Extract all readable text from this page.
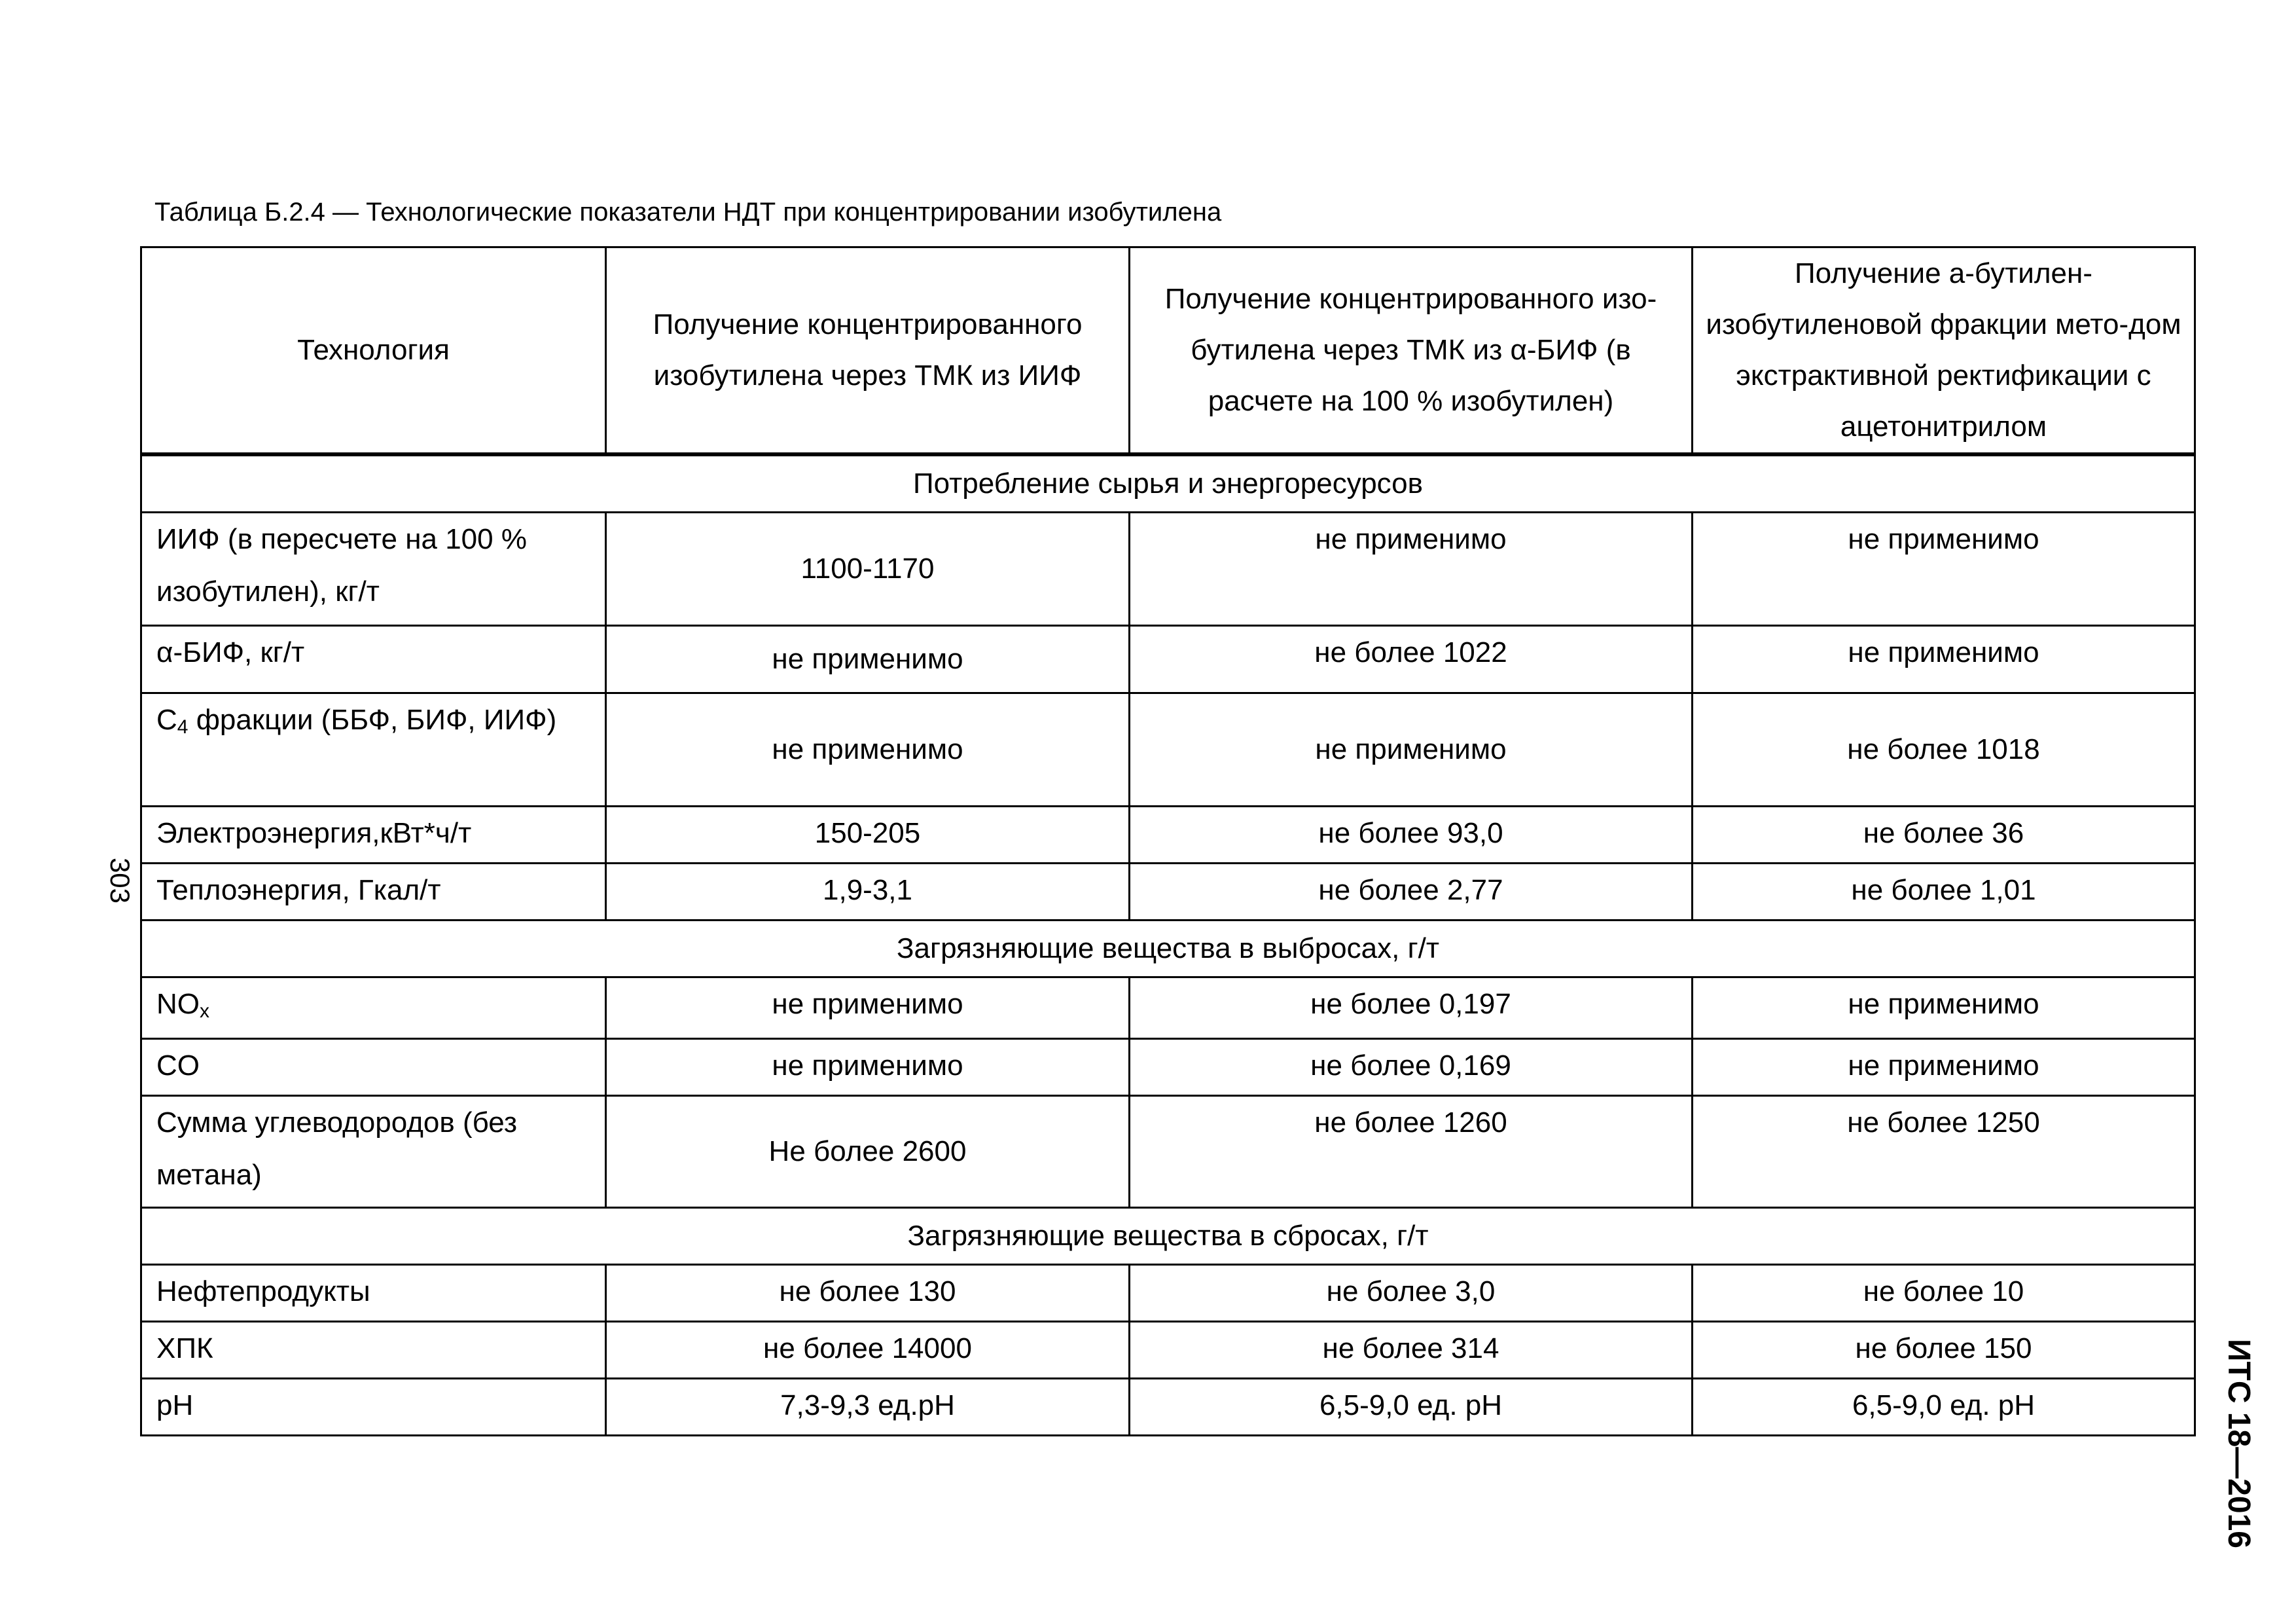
Таблица Б.2.4 — Технологические показатели НДТ при концентрировании изобутилена
303
ИТС 18—2016
Технология	Получение концентрированного изобутилена через ТМК из ИИФ	Получение концентрированного изо-бутилена через ТМК из α-БИФ (в расчете на 100 % изобутилен)	Получение а-бутилен-изобутиленовой фракции мето-дом экстрактивной ректификации с ацетонитрилом
Потребление сырья и энергоресурсов			
ИИФ (в пересчете на 100 % изобутилен), кг/т	1100-1170	не применимо	не применимо
α-БИФ, кг/т	не применимо	не более 1022	не применимо
$С_4$ фракции (ББФ, БИФ, ИИФ)	не применимо	не применимо	не более 1018
Электроэнергия,кВт*ч/т	150-205	не более 93,0	не более 36
Теплоэнергия, Гкал/т	1,9-3,1	не более 2,77	не более 1,01
Загрязняющие вещества в выбросах, г/т			
$NO_x$	не применимо	не более 0,197	не применимо
CO	не применимо	не более 0,169	не применимо
Сумма углеводородов (без метана)	Не более 2600	не более 1260	не более 1250
Загрязняющие вещества в сбросах, г/т			
Нефтепродукты	не более 130	не более 3,0	не более 10
ХПК	не более 14000	не более 314	не более 150
pH	7,3-9,3 ед.pH	6,5-9,0 ед. pH	6,5-9,0 ед. pH
